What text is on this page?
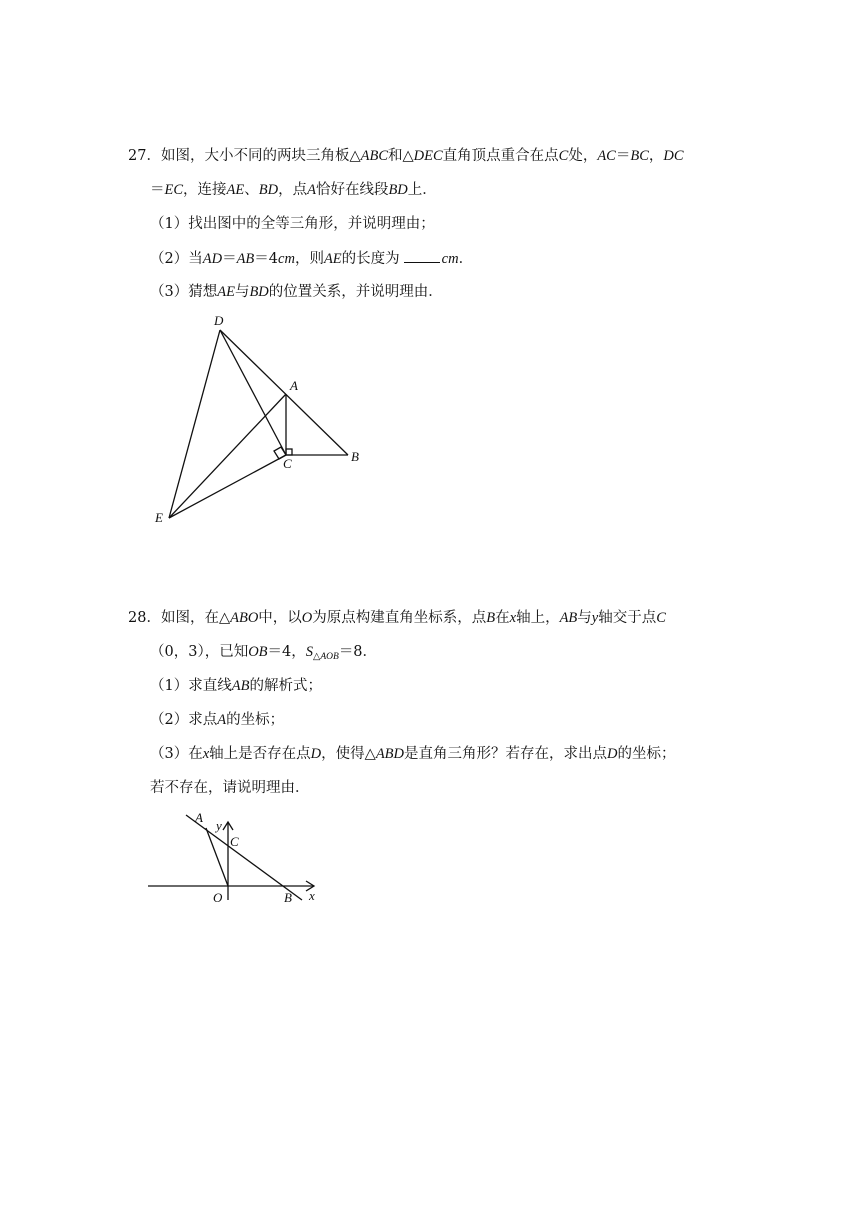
27．如图，大小不同的两块三角板△ABC和△DEC直角顶点重合在点C处，AC＝BC，DC
＝EC，连接AE、BD，点A恰好在线段BD上．
（1）找出图中的全等三角形，并说明理由；
（2）当AD＝AB＝4cm，则AE的长度为	cm．
（3）猜想AE与BD的位置关系，并说明理由．
D
A
C	B
E
28．如图，在△ABO中，以O为原点构建直角坐标系，点B在x轴上，AB与y轴交于点C
（0，3），已知OB＝4，$S_{\triangle AOB}=8$．
（1）求直线AB的解析式；
（2）求点A的坐标；
（3）在x轴上是否存在点D，使得△ABD是直角三角形？若存在，求出点D的坐标；
若不存在，请说明理由．
A
y
C
O	B x
